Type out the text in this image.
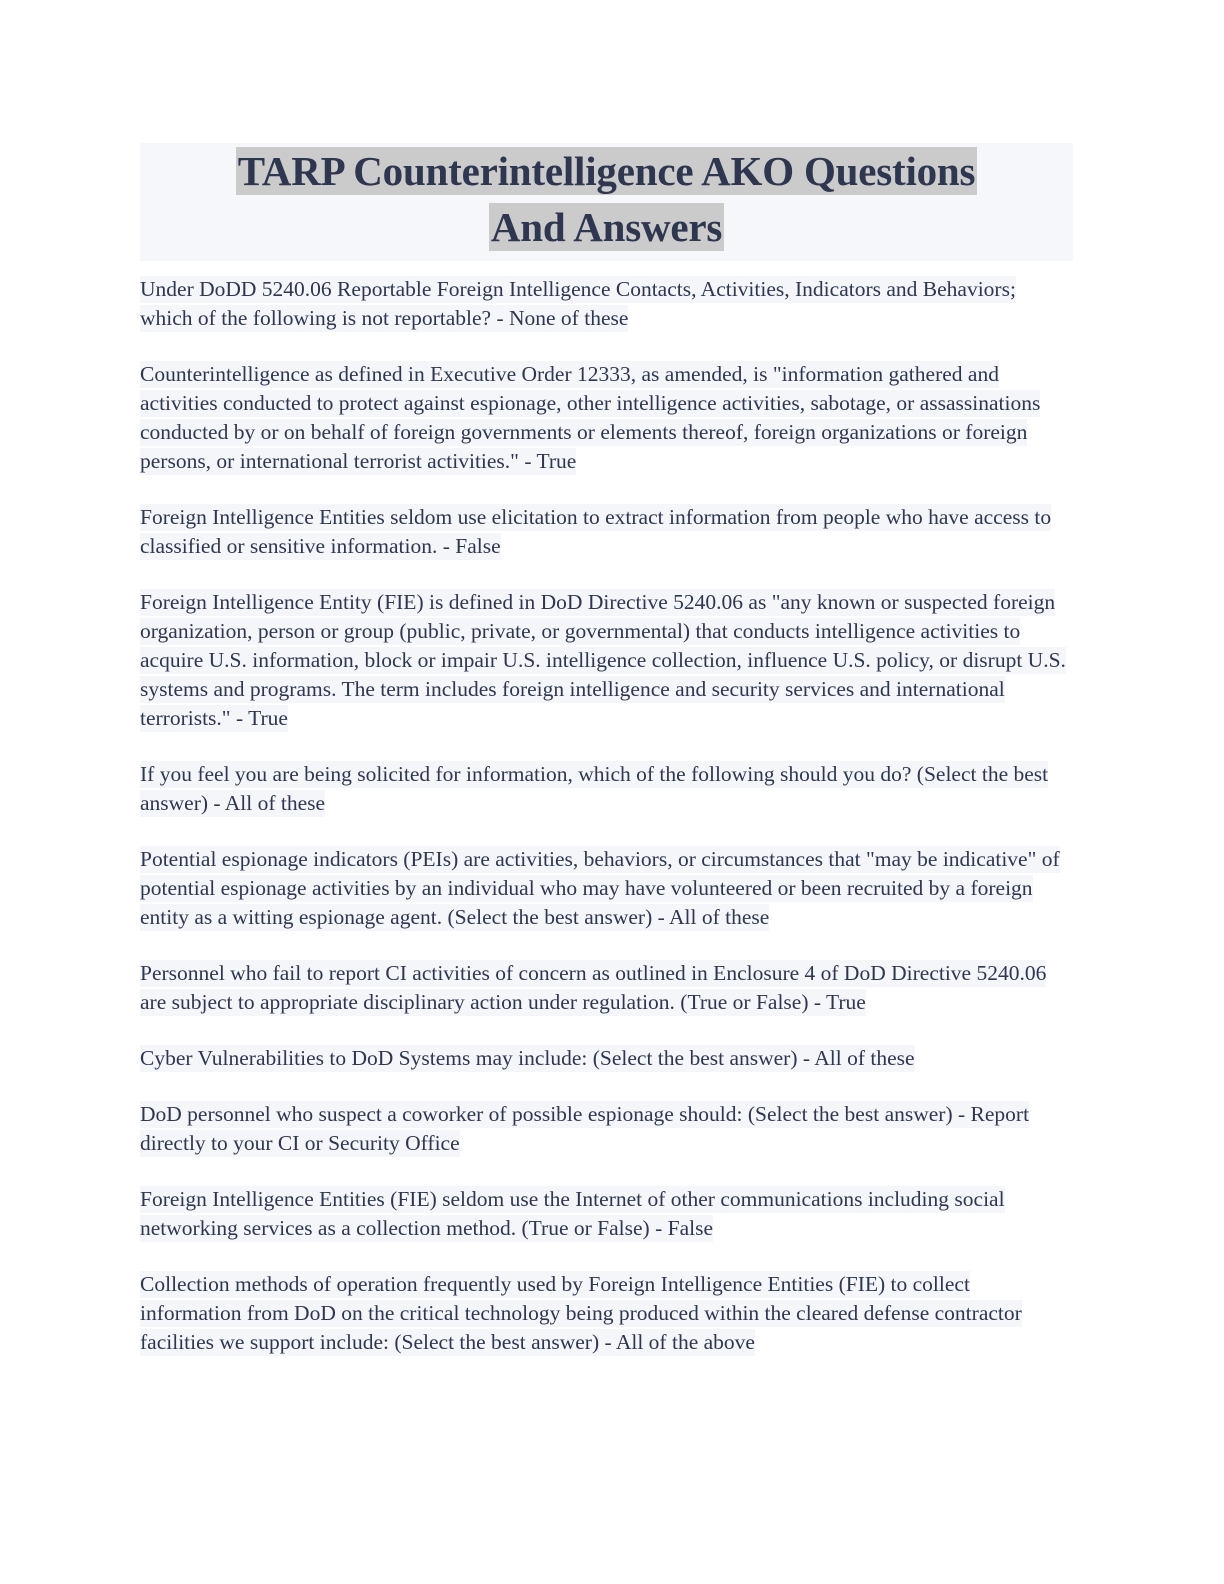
TARP Counterintelligence AKO Questions
And Answers

Under DoDD 5240.06 Reportable Foreign Intelligence Contacts, Activities, Indicators and Behaviors; which of the following is not reportable? - None of these

Counterintelligence as defined in Executive Order 12333, as amended, is "information gathered and activities conducted to protect against espionage, other intelligence activities, sabotage, or assassinations conducted by or on behalf of foreign governments or elements thereof, foreign organizations or foreign persons, or international terrorist activities." - True

Foreign Intelligence Entities seldom use elicitation to extract information from people who have access to classified or sensitive information. - False

Foreign Intelligence Entity (FIE) is defined in DoD Directive 5240.06 as "any known or suspected foreign organization, person or group (public, private, or governmental) that conducts intelligence activities to acquire U.S. information, block or impair U.S. intelligence collection, influence U.S. policy, or disrupt U.S. systems and programs. The term includes foreign intelligence and security services and international terrorists." - True

If you feel you are being solicited for information, which of the following should you do? (Select the best answer) - All of these

Potential espionage indicators (PEIs) are activities, behaviors, or circumstances that "may be indicative" of potential espionage activities by an individual who may have volunteered or been recruited by a foreign entity as a witting espionage agent. (Select the best answer) - All of these

Personnel who fail to report CI activities of concern as outlined in Enclosure 4 of DoD Directive 5240.06 are subject to appropriate disciplinary action under regulation. (True or False) - True

Cyber Vulnerabilities to DoD Systems may include: (Select the best answer) - All of these

DoD personnel who suspect a coworker of possible espionage should: (Select the best answer) - Report directly to your CI or Security Office

Foreign Intelligence Entities (FIE) seldom use the Internet of other communications including social networking services as a collection method. (True or False) - False

Collection methods of operation frequently used by Foreign Intelligence Entities (FIE) to collect information from DoD on the critical technology being produced within the cleared defense contractor facilities we support include: (Select the best answer) - All of the above
